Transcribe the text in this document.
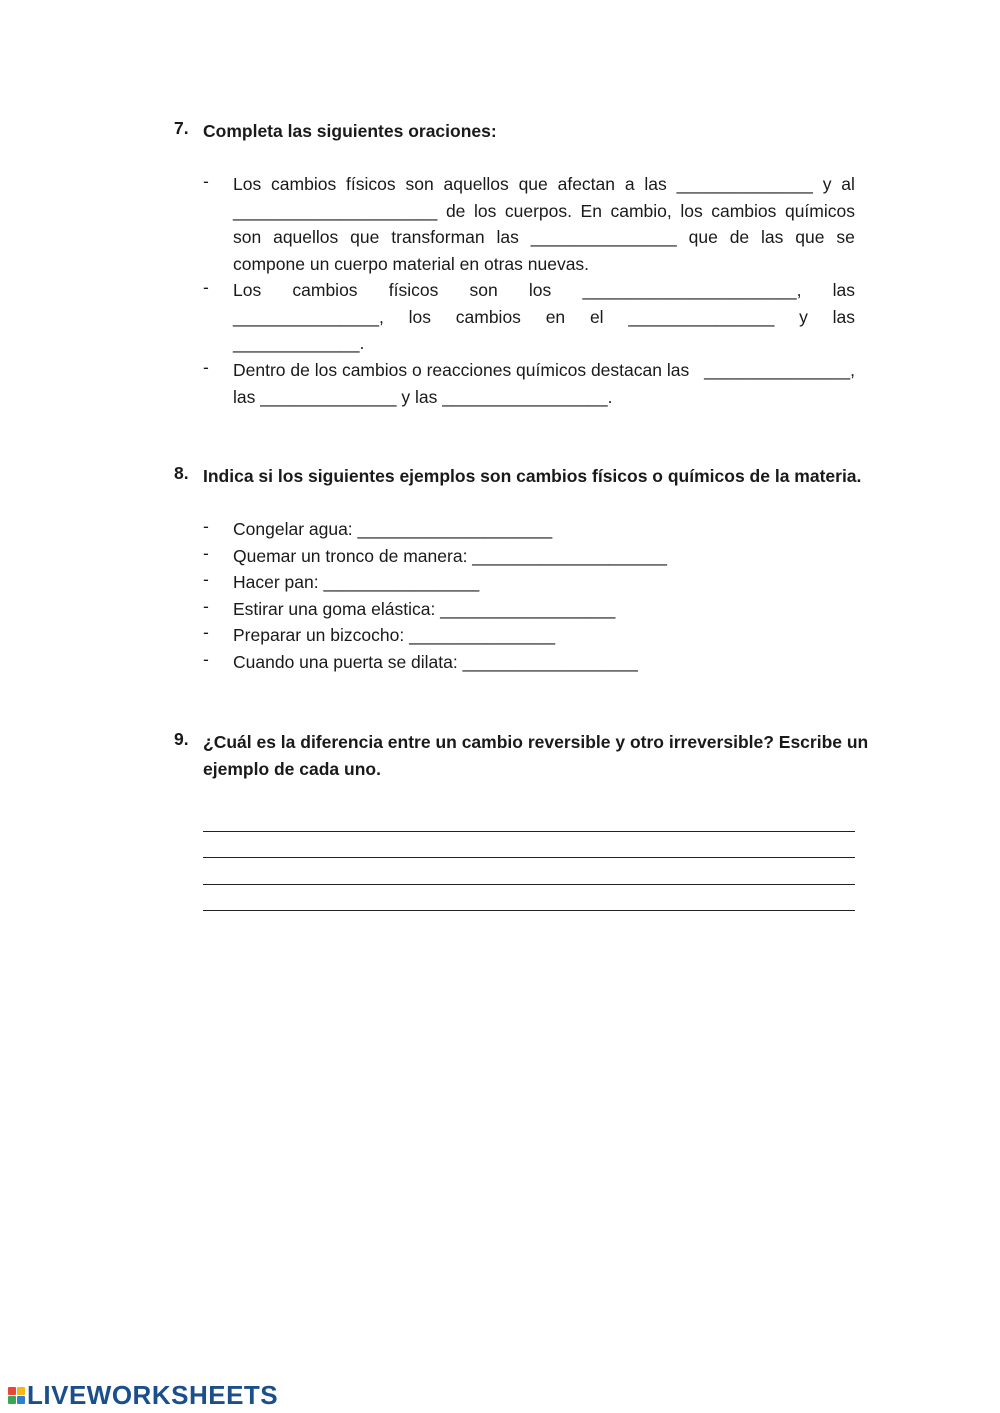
7. Completa las siguientes oraciones:
-	Los cambios físicos son aquellos que afectan a las ______________ y al
_____________________ de los cuerpos. En cambio, los cambios químicos
son aquellos que transforman las _______________ que de las que se
compone un cuerpo material en otras nuevas.
-	Los cambios físicos son los ______________________, las
_______________, los cambios en el _______________ y las
_____________.
-	Dentro de los cambios o reacciones químicos destacan las _______________,
las ______________ y las _________________.
8. Indica si los siguientes ejemplos son cambios físicos o químicos de la materia.
-	Congelar agua: ____________________
-	Quemar un tronco de manera: ____________________
-	Hacer pan: ________________
-	Estirar una goma elástica: __________________
-	Preparar un bizcocho: _______________
-	Cuando una puerta se dilata: __________________
9. ¿Cuál es la diferencia entre un cambio reversible y otro irreversible? Escribe un
ejemplo de cada uno.
LIVEWORKSHEETS
